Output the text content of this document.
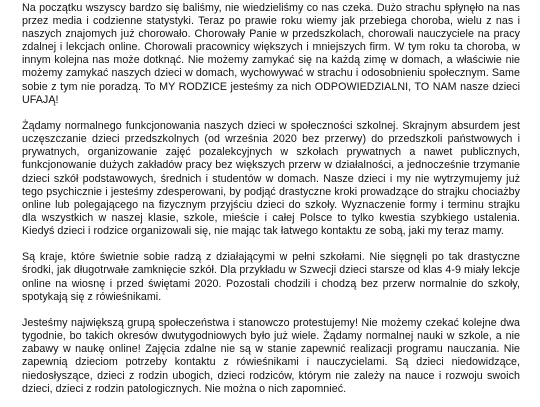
Na początku wszyscy bardzo się baliśmy, nie wiedzieliśmy co nas czeka. Dużo strachu spłynęło na nas przez media i codzienne statystyki. Teraz po prawie roku wiemy jak przebiega choroba, wielu z nas i naszych znajomych już chorowało. Chorowały Panie w przedszkolach, chorowali nauczyciele na pracy zdalnej i lekcjach online. Chorowali pracownicy większych i mniejszych firm. W tym roku ta choroba, w innym kolejna nas może dotknąć. Nie możemy zamykać się na każdą zimę w domach, a właściwie nie możemy zamykać naszych dzieci w domach, wychowywać w strachu i odosobnieniu społecznym. Same sobie z tym nie poradzą. To MY RODZICE jesteśmy za nich ODPOWIEDZIALNI, TO NAM nasze dzieci UFAJĄ!

Żądamy normalnego funkcjonowania naszych dzieci w społeczności szkolnej. Skrajnym absurdem jest uczęszczanie dzieci przedszkolnych (od września 2020 bez przerwy) do przedszkoli państwowych i prywatnych, organizowanie zajęć pozalekcyjnych w szkołach prywatnych a nawet publicznych, funkcjonowanie dużych zakładów pracy bez większych przerw w działalności, a jednocześnie trzymanie dzieci szkół podstawowych, średnich i studentów w domach. Nasze dzieci i my nie wytrzymujemy już tego psychicznie i jesteśmy zdesperowani, by podjąć drastyczne kroki prowadzące do strajku chociażby online lub polegającego na fizycznym przyjściu dzieci do szkoły. Wyznaczenie formy i terminu strajku dla wszystkich w naszej klasie, szkole, mieście i całej Polsce to tylko kwestia szybkiego ustalenia. Kiedyś dzieci i rodzice organizowali się, nie mając tak łatwego kontaktu ze sobą, jaki my teraz mamy.

Są kraje, które świetnie sobie radzą z działającymi w pełni szkołami. Nie sięgnęli po tak drastyczne środki, jak długotrwałe zamknięcie szkół. Dla przykładu w Szwecji dzieci starsze od klas 4-9 miały lekcje online na wiosnę i przed świętami 2020. Pozostali chodzili i chodzą bez przerw normalnie do szkoły, spotykają się z rówieśnikami.

Jesteśmy największą grupą społeczeństwa i stanowczo protestujemy! Nie możemy czekać kolejne dwa tygodnie, bo takich okresów dwutygodniowych było już wiele. Żądamy normalnej nauki w szkole, a nie zabawy w naukę online! Zajęcia zdalne nie są w stanie zapewnić realizacji programu nauczania. Nie zapewnią dzieciom potrzeby kontaktu z rówieśnikami i nauczycielami. Są dzieci niedowidzące, niedosłyszące, dzieci z rodzin ubogich, dzieci rodziców, którym nie zależy na nauce i rozwoju swoich dzieci, dzieci z rodzin patologicznych. Nie można o nich zapomnieć.
